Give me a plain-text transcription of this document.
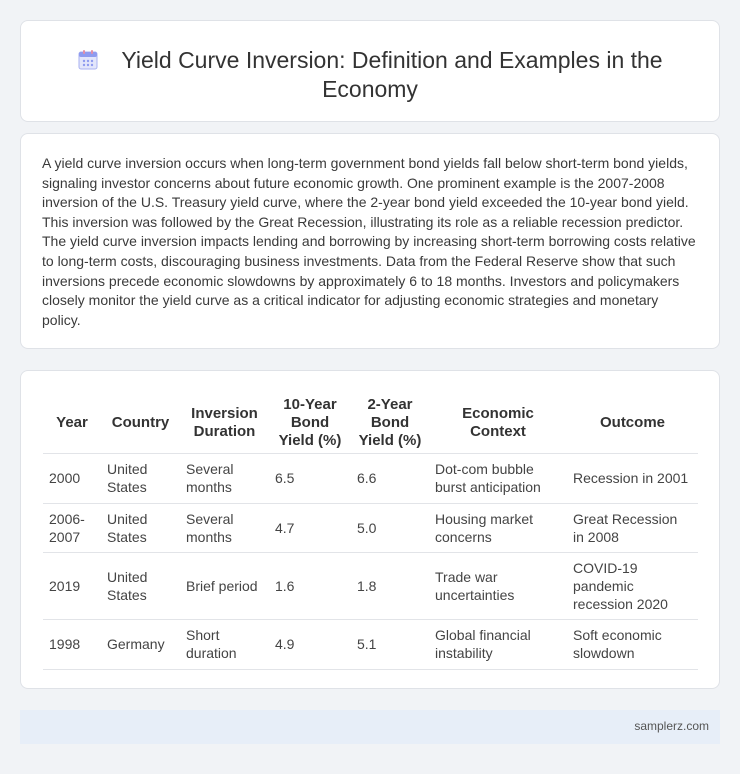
Yield Curve Inversion: Definition and Examples in the Economy

A yield curve inversion occurs when long-term government bond yields fall below short-term bond yields, signaling investor concerns about future economic growth. One prominent example is the 2007-2008 inversion of the U.S. Treasury yield curve, where the 2-year bond yield exceeded the 10-year bond yield. This inversion was followed by the Great Recession, illustrating its role as a reliable recession predictor. The yield curve inversion impacts lending and borrowing by increasing short-term borrowing costs relative to long-term costs, discouraging business investments. Data from the Federal Reserve show that such inversions precede economic slowdowns by approximately 6 to 18 months. Investors and policymakers closely monitor the yield curve as a critical indicator for adjusting economic strategies and monetary policy.

Year	Country	Inversion Duration	10-Year Bond Yield (%)	2-Year Bond Yield (%)	Economic Context	Outcome
2000	United States	Several months	6.5	6.6	Dot-com bubble burst anticipation	Recession in 2001
2006-2007	United States	Several months	4.7	5.0	Housing market concerns	Great Recession in 2008
2019	United States	Brief period	1.6	1.8	Trade war uncertainties	COVID-19 pandemic recession 2020
1998	Germany	Short duration	4.9	5.1	Global financial instability	Soft economic slowdown
samplerz.com
